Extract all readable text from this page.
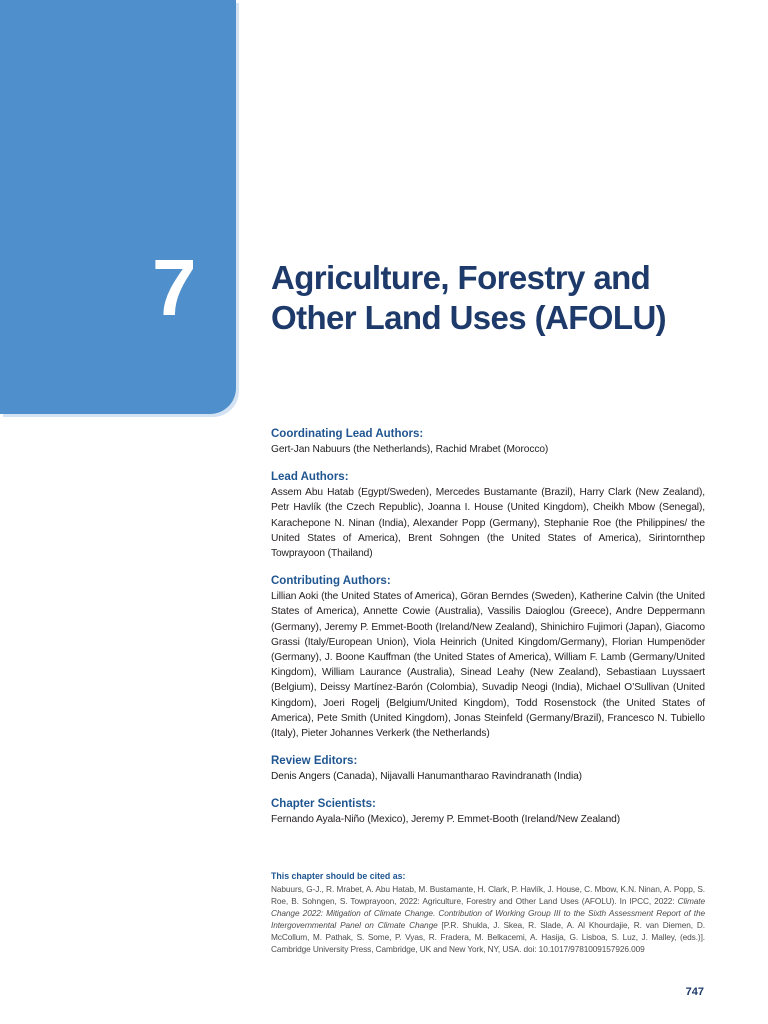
7	Agriculture, Forestry and Other Land Uses (AFOLU)

Coordinating Lead Authors:

Gert-Jan Nabuurs (the Netherlands), Rachid Mrabet (Morocco)

Lead Authors:

Assem Abu Hatab (Egypt/Sweden), Mercedes Bustamante (Brazil), Harry Clark (New Zealand), Petr Havlík (the Czech Republic), Joanna I. House (United Kingdom), Cheikh Mbow (Senegal), Karachepone N. Ninan (India), Alexander Popp (Germany), Stephanie Roe (the Philippines/ the United States of America), Brent Sohngen (the United States of America), Sirintornthep Towprayoon (Thailand)

Contributing Authors:

Lillian Aoki (the United States of America), Göran Berndes (Sweden), Katherine Calvin (the United States of America), Annette Cowie (Australia), Vassilis Daioglou (Greece), Andre Deppermann (Germany), Jeremy P. Emmet-Booth (Ireland/New Zealand), Shinichiro Fujimori (Japan), Giacomo Grassi (Italy/European Union), Viola Heinrich (United Kingdom/Germany), Florian Humpenöder (Germany), J. Boone Kauffman (the United States of America), William F. Lamb (Germany/United Kingdom), William Laurance (Australia), Sinead Leahy (New Zealand), Sebastiaan Luyssaert (Belgium), Deissy Martínez-Barón (Colombia), Suvadip Neogi (India), Michael O’Sullivan (United Kingdom), Joeri Rogelj (Belgium/United Kingdom), Todd Rosenstock (the United States of America), Pete Smith (United Kingdom), Jonas Steinfeld (Germany/Brazil), Francesco N. Tubiello (Italy), Pieter Johannes Verkerk (the Netherlands)

Review Editors:

Denis Angers (Canada), Nijavalli Hanumantharao Ravindranath (India)

Chapter Scientists:

Fernando Ayala-Niño (Mexico), Jeremy P. Emmet-Booth (Ireland/New Zealand)

This chapter should be cited as:

Nabuurs, G-J., R. Mrabet, A. Abu Hatab, M. Bustamante, H. Clark, P. Havlík, J. House, C. Mbow, K.N. Ninan, A. Popp, S. Roe, B. Sohngen, S. Towprayoon, 2022: Agriculture, Forestry and Other Land Uses (AFOLU). In IPCC, 2022: Climate Change 2022: Mitigation of Climate Change. Contribution of Working Group III to the Sixth Assessment Report of the Intergovernmental Panel on Climate Change [P.R. Shukla, J. Skea, R. Slade, A. Al Khourdajie, R. van Diemen, D. McCollum, M. Pathak, S. Some, P. Vyas, R. Fradera, M. Belkacemi, A. Hasija, G. Lisboa, S. Luz, J. Malley, (eds.)]. Cambridge University Press, Cambridge, UK and New York, NY, USA. doi: 10.1017/9781009157926.009

747
